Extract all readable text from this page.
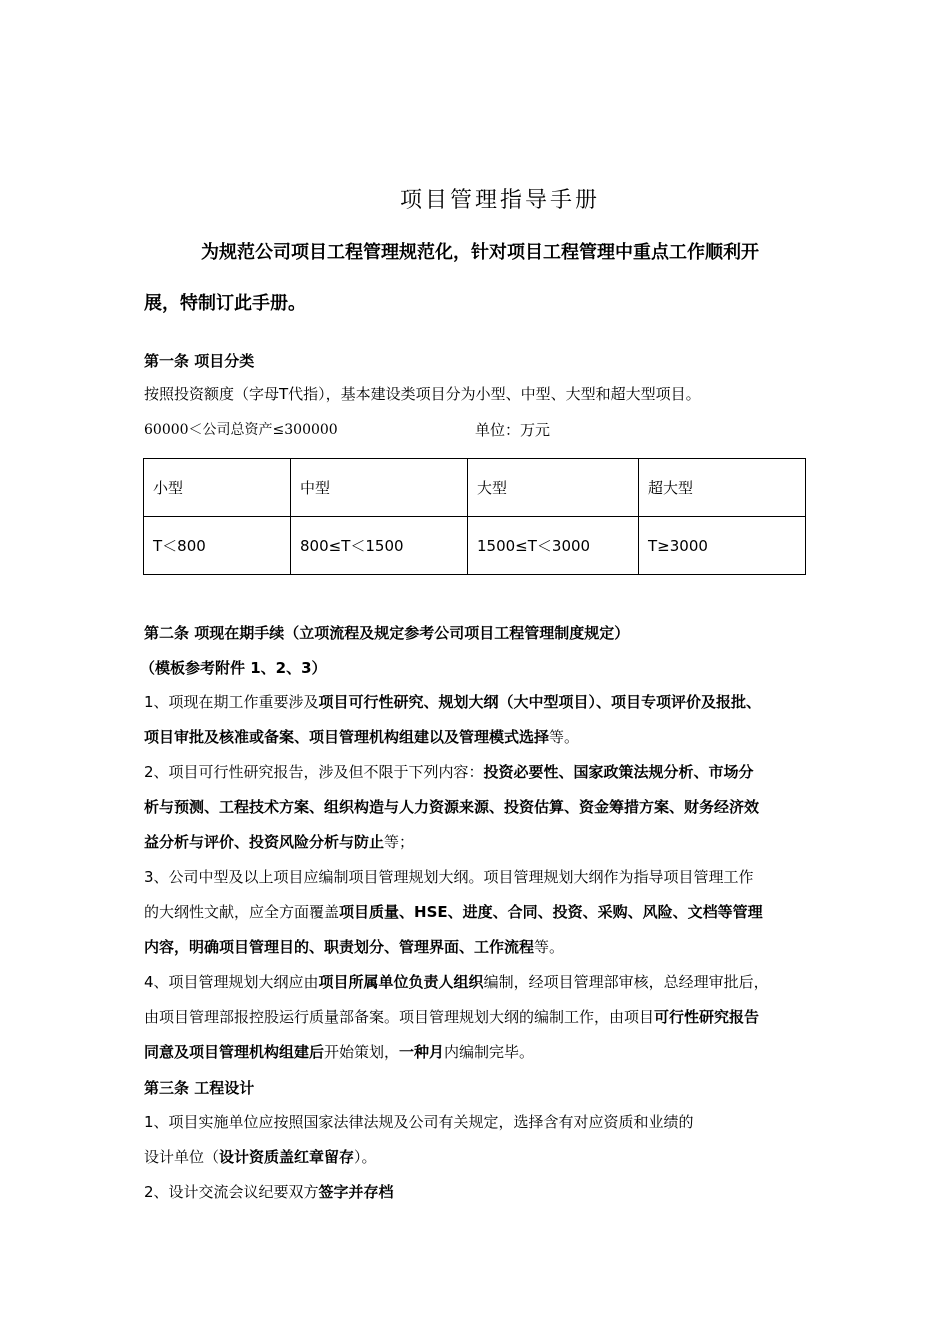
项目管理指导手册
为规范公司项目工程管理规范化，针对项目工程管理中重点工作顺利开
展，特制订此手册。
第一条 项目分类
按照投资额度（字母T代指），基本建设类项目分为小型、中型、大型和超大型项目。
60000＜公司总资产≤300000	单位：万元
小型	中型	大型	超大型
T＜800	800≤T＜1500	1500≤T＜3000	T≥3000
第二条 项现在期手续（立项流程及规定参考公司项目工程管理制度规定）
（模板参考附件 1、2、3）
1、项现在期工作重要涉及项目可行性研究、规划大纲（大中型项目）、项目专项评价及报批、
项目审批及核准或备案、项目管理机构组建以及管理模式选择等。
2、项目可行性研究报告，涉及但不限于下列内容：投资必要性、国家政策法规分析、市场分
析与预测、工程技术方案、组织构造与人力资源来源、投资估算、资金筹措方案、财务经济效
益分析与评价、投资风险分析与防止等；
3、公司中型及以上项目应编制项目管理规划大纲。项目管理规划大纲作为指导项目管理工作
的大纲性文献，应全方面覆盖项目质量、HSE、进度、合同、投资、采购、风险、文档等管理
内容，明确项目管理目的、职责划分、管理界面、工作流程等。
4、项目管理规划大纲应由项目所属单位负责人组织编制，经项目管理部审核，总经理审批后，
由项目管理部报控股运行质量部备案。项目管理规划大纲的编制工作，由项目可行性研究报告
同意及项目管理机构组建后开始策划，一种月内编制完毕。
第三条 工程设计
1、项目实施单位应按照国家法律法规及公司有关规定，选择含有对应资质和业绩的
设计单位（设计资质盖红章留存）。
2、设计交流会议纪要双方签字并存档
